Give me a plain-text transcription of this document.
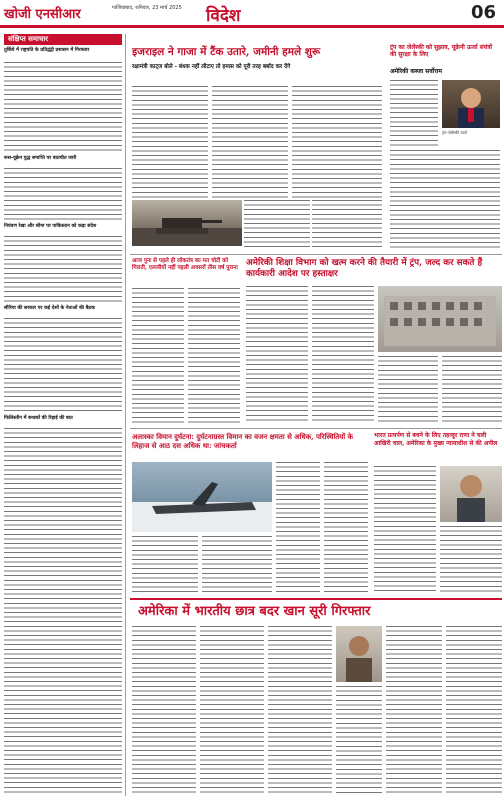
खोजी एनसीआर	गाजियाबाद, शनिवार, 23 मार्च 2025	विदेश	06
संक्षिप्त समाचार
तुर्किये में राष्ट्रपति के प्रतिद्वंद्वी प्रशासन में गिरफ्तार
रूस-यूक्रेन युद्ध समाप्ति पर बातचीत जारी
नियंत्रण रेखा और सीमा पर पाकिस्तान को कड़ा संदेश
सीरिया की सरकार पर कई देशों के नेताओं की बैठक
फिलिस्तीन में बन्धकों की रिहाई की बात
इजराइल ने गाजा में टैंक उतारे, जमीनी हमले शुरू
रक्षामंत्री काट्ज बोले - बंधक नहीं लौटाए तो हमास को पूरी तरह बर्बाद कर देंगे
ट्रंप का जेलेंस्की को सुझाव, यूक्रेनी ऊर्जा संयंत्रों की सुरक्षा के लिए
अमेरिकी कब्जा सर्वोत्तम
ट्रंप-जेलेंस्की वार्ता
आज पुनः से पहले ही लोकतंत्र का मत चोटी को गिराती, एलजीयों नहीं पहली अवसरों तीस वर्ष पुराना अमेरिकी शिक्षा विभाग को खत्म करने की तैयारी में ट्रंप, जल्द कर सकते हैं कार्यकारी आदेश पर हस्ताक्षर
अलास्का विमान दुर्घटना: दुर्घटनाग्रस्त विमान का वजन क्षमता से अधिक, परिस्थितियों के लिहाज से आठ दस अधिक था: जांचकर्ता
भारत प्रत्यर्पण से बचने के लिए तहव्वुर राणा ने चली आखिरी चाल, अमेरिका के मुख्य न्यायाधीश से की अपील
अमेरिका में भारतीय छात्र बदर खान सूरी गिरफ्तार
